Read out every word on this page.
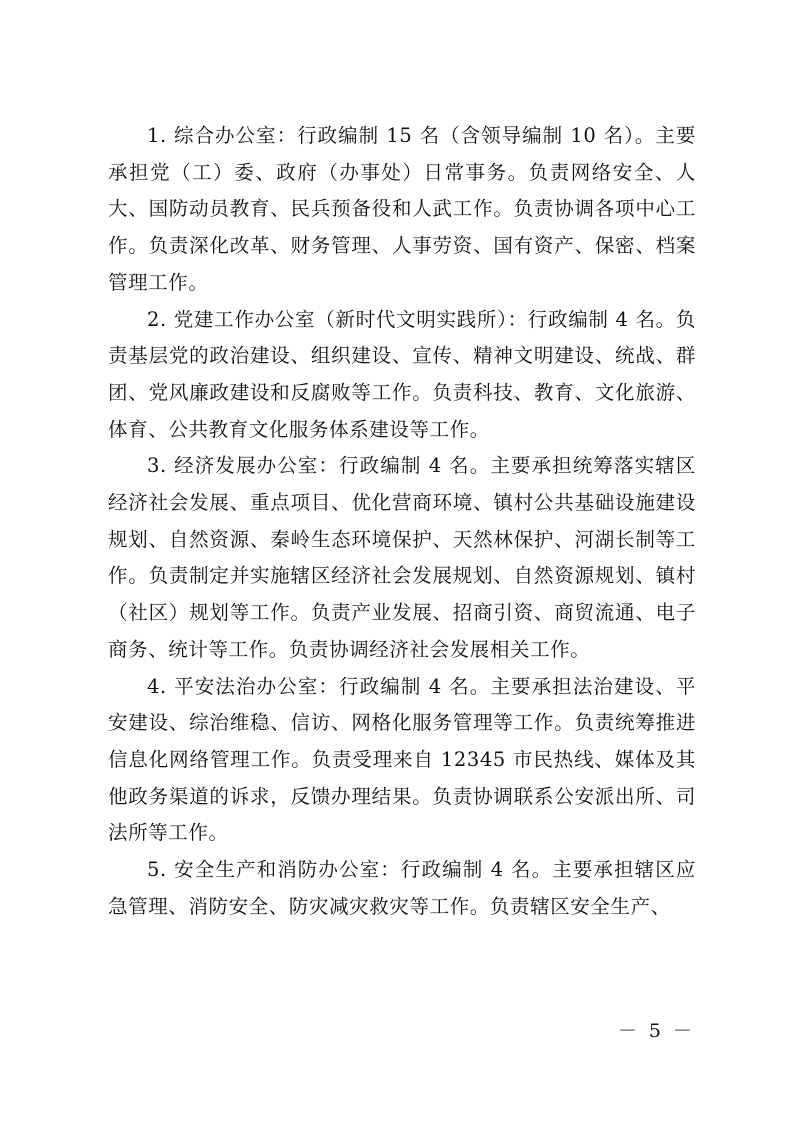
1. 综合办公室：行政编制 15 名（含领导编制 10 名）。主要承担党（工）委、政府（办事处）日常事务。负责网络安全、人大、国防动员教育、民兵预备役和人武工作。负责协调各项中心工作。负责深化改革、财务管理、人事劳资、国有资产、保密、档案管理工作。

2. 党建工作办公室（新时代文明实践所）：行政编制 4 名。负责基层党的政治建设、组织建设、宣传、精神文明建设、统战、群团、党风廉政建设和反腐败等工作。负责科技、教育、文化旅游、体育、公共教育文化服务体系建设等工作。

3. 经济发展办公室：行政编制 4 名。主要承担统筹落实辖区经济社会发展、重点项目、优化营商环境、镇村公共基础设施建设规划、自然资源、秦岭生态环境保护、天然林保护、河湖长制等工作。负责制定并实施辖区经济社会发展规划、自然资源规划、镇村（社区）规划等工作。负责产业发展、招商引资、商贸流通、电子商务、统计等工作。负责协调经济社会发展相关工作。

4. 平安法治办公室：行政编制 4 名。主要承担法治建设、平安建设、综治维稳、信访、网格化服务管理等工作。负责统筹推进信息化网络管理工作。负责受理来自 12345 市民热线、媒体及其他政务渠道的诉求，反馈办理结果。负责协调联系公安派出所、司法所等工作。

5. 安全生产和消防办公室：行政编制 4 名。主要承担辖区应急管理、消防安全、防灾减灾救灾等工作。负责辖区安全生产、

－ 5 －
